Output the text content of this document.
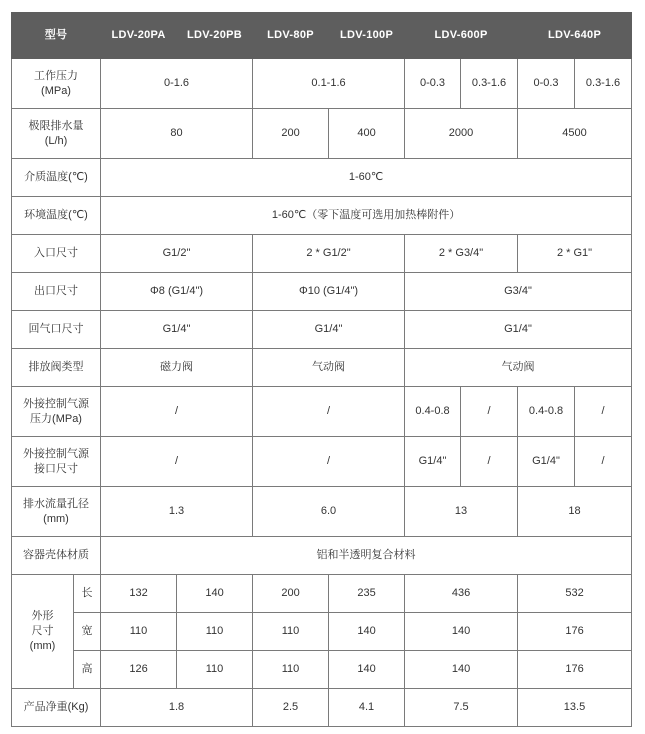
型号		LDV-20PA	LDV-20PB	LDV-80P	LDV-100P	LDV-600P		LDV-640P	
工作压力
(MPa)		0-1.6		0.1-1.6		0-0.3	0.3-1.6	0-0.3	0.3-1.6
极限排水量
(L/h)		80		200	400	2000		4500	
介质温度(℃)		1-60℃							
环境温度(℃)		1-60℃（零下温度可选用加热棒附件）							
入口尺寸		G1/2"		2 * G1/2"		2 * G3/4"		2 * G1"	
出口尺寸		Φ8 (G1/4")		Φ10 (G1/4")		G3/4"			
回气口尺寸		G1/4"		G1/4"		G1/4"			
排放阀类型		磁力阀		气动阀		气动阀			
外接控制气源
压力(MPa)		/		/		0.4-0.8	/	0.4-0.8	/
外接控制气源
接口尺寸		/		/		G1/4"	/	G1/4"	/
排水流量孔径
(mm)		1.3		6.0		13		18	
容器壳体材质		铝和半透明复合材料							
外形
尺寸
(mm)	长	132	140	200	235	436		532	
	宽	110	110	110	140	140		176	
	高	126	110	110	140	140		176	
产品净重(Kg)		1.8		2.5	4.1	7.5		13.5	
